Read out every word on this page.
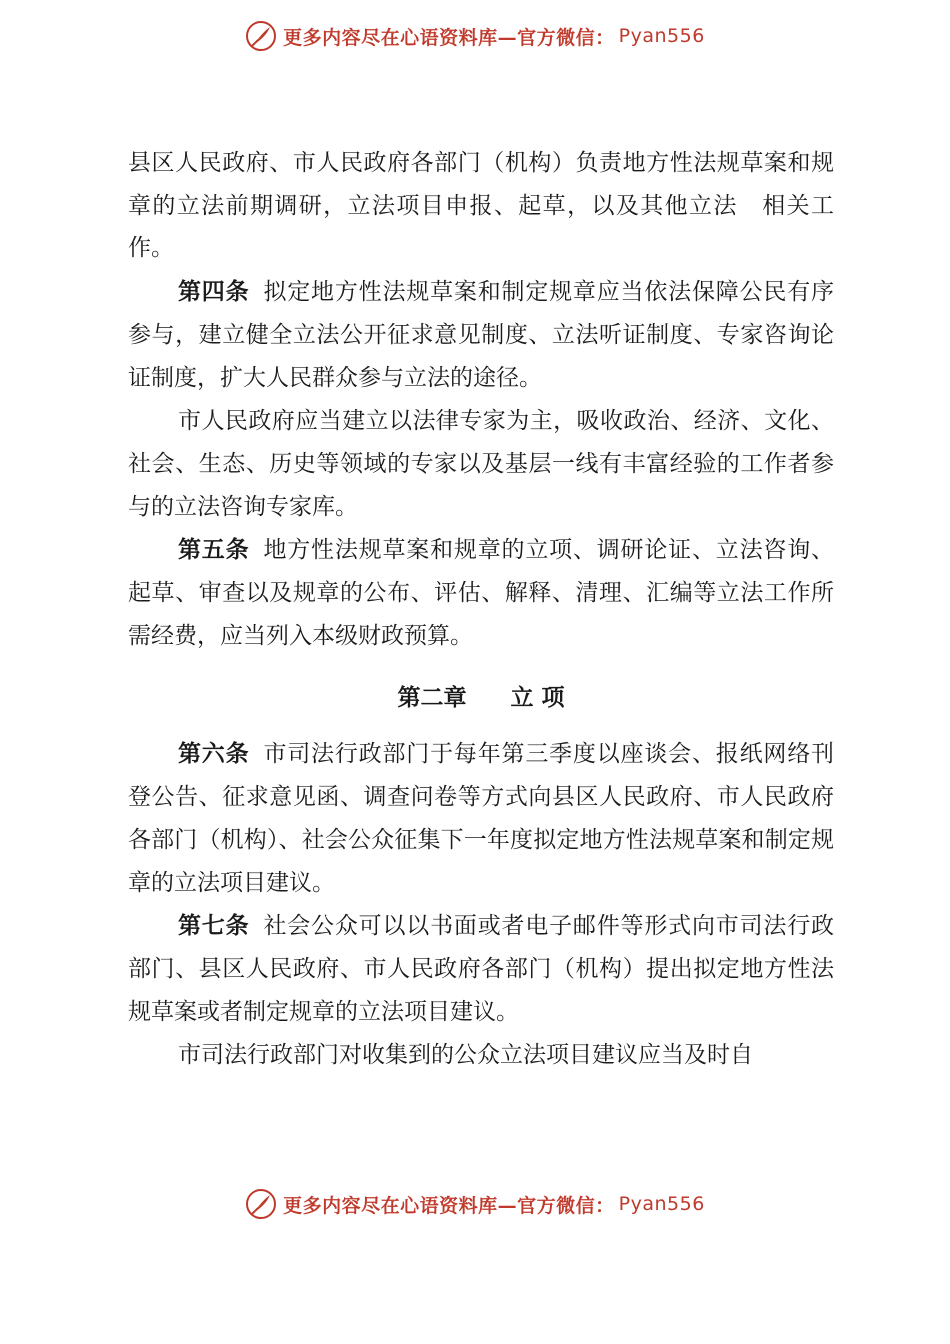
更多内容尽在心语资料库—官方微信： Pyan556

县区人民政府、市人民政府各部门（机构）负责地方性法规草案和规章的立法前期调研，立法项目申报、起草，以及其他立法　相关工作。

第四条 拟定地方性法规草案和制定规章应当依法保障公民有序参与，建立健全立法公开征求意见制度、立法听证制度、专家咨询论证制度，扩大人民群众参与立法的途径。

市人民政府应当建立以法律专家为主，吸收政治、经济、文化、社会、生态、历史等领域的专家以及基层一线有丰富经验的工作者参与的立法咨询专家库。

第五条 地方性法规草案和规章的立项、调研论证、立法咨询、起草、审查以及规章的公布、评估、解释、清理、汇编等立法工作所需经费，应当列入本级财政预算。

第二章 立 项

第六条 市司法行政部门于每年第三季度以座谈会、报纸网络刊登公告、征求意见函、调查问卷等方式向县区人民政府、市人民政府各部门（机构）、社会公众征集下一年度拟定地方性法规草案和制定规章的立法项目建议。

第七条 社会公众可以以书面或者电子邮件等形式向市司法行政部门、县区人民政府、市人民政府各部门（机构）提出拟定地方性法规草案或者制定规章的立法项目建议。

市司法行政部门对收集到的公众立法项目建议应当及时自

更多内容尽在心语资料库—官方微信： Pyan556
